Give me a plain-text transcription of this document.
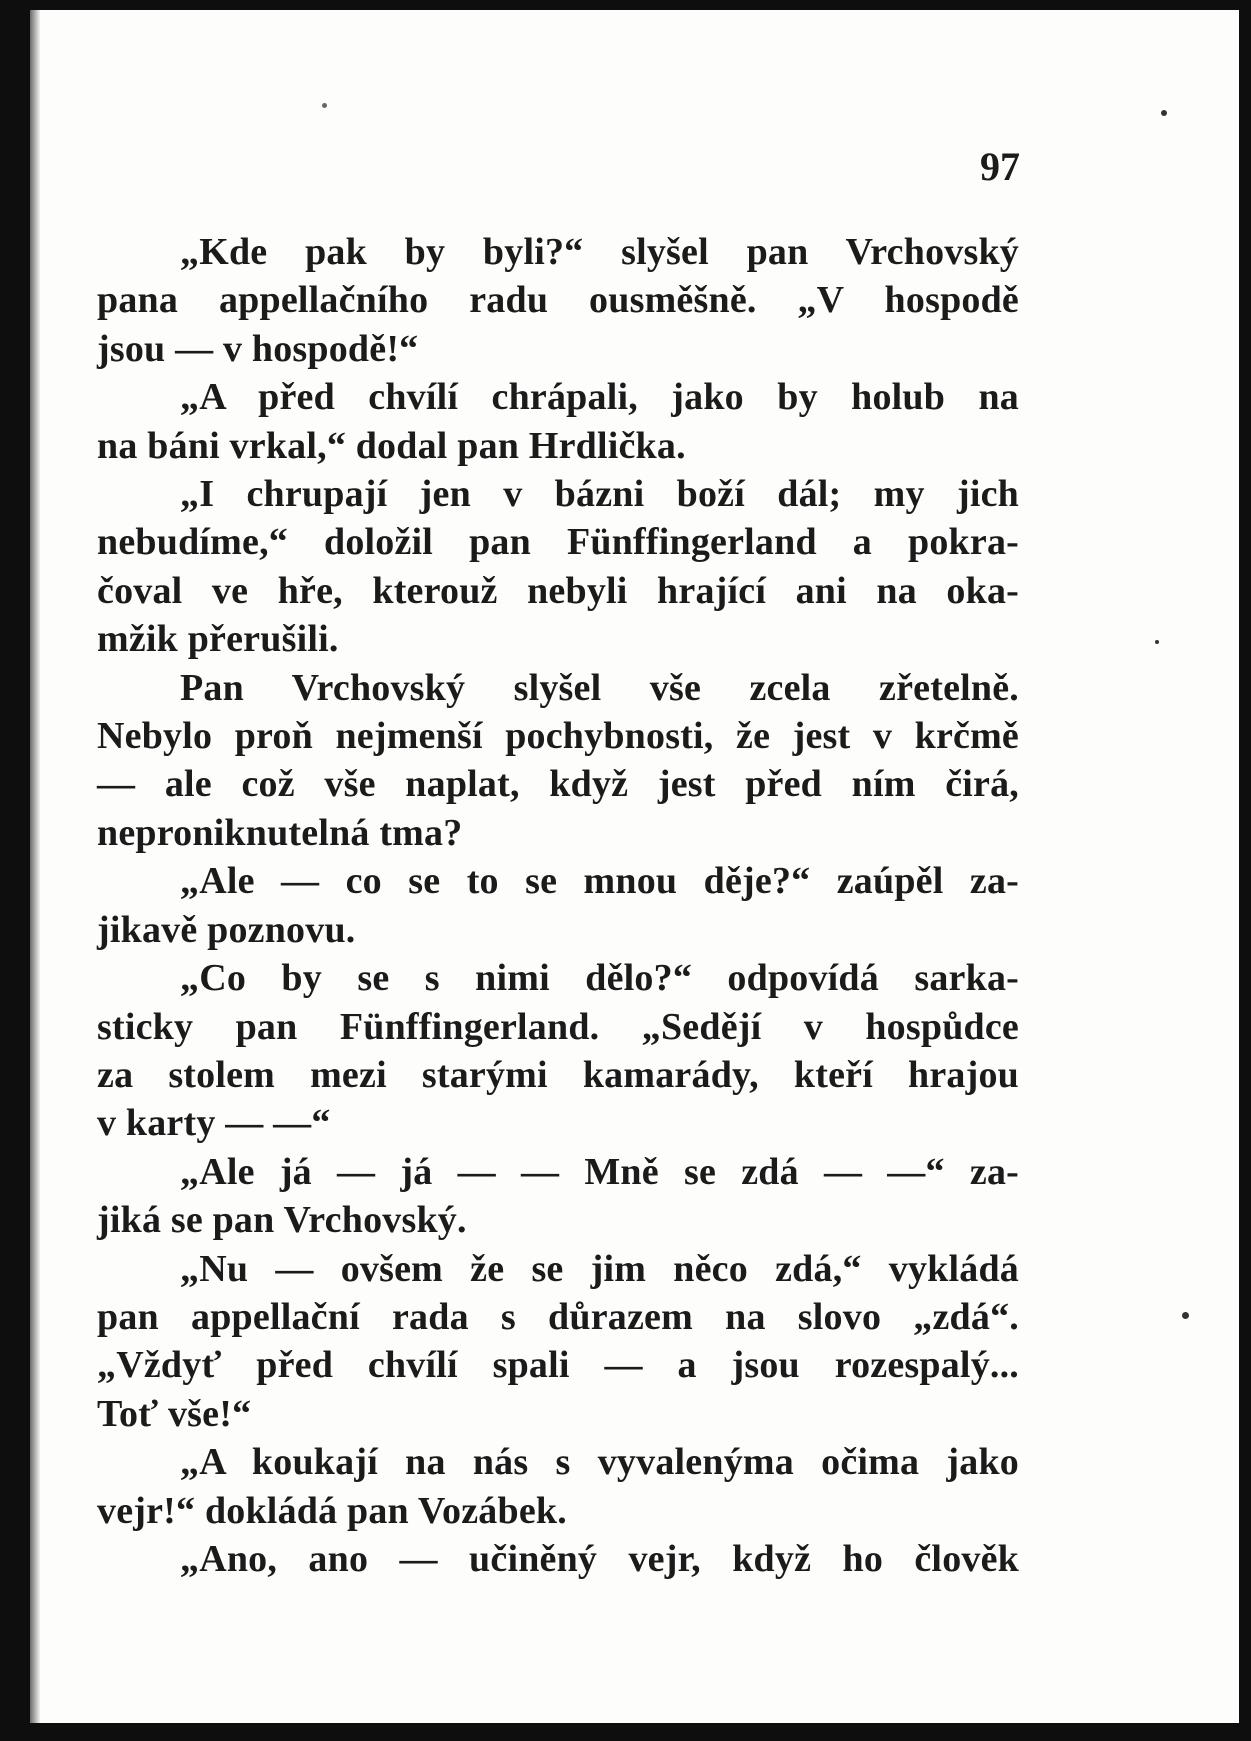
97

„Kde pak by byli?“ slyšel pan Vrchovský
pana appellačního radu ousměšně. „V hospodě
jsou — v hospodě!“
„A před chvílí chrápali, jako by holub na
na báni vrkal,“ dodal pan Hrdlička.
„I chrupají jen v bázni boží dál; my jich
nebudíme,“ doložil pan Fünffingerland a pokra-
čoval ve hře, kterouž nebyli hrající ani na oka-
mžik přerušili.
Pan Vrchovský slyšel vše zcela zřetelně.
Nebylo proň nejmenší pochybnosti, že jest v krčmě
— ale což vše naplat, když jest před ním čirá,
neproniknutelná tma?
„Ale — co se to se mnou děje?“ zaúpěl za-
jikavě poznovu.
„Co by se s nimi dělo?“ odpovídá sarka-
sticky pan Fünffingerland. „Sedějí v hospůdce
za stolem mezi starými kamarády, kteří hrajou
v karty — —“
„Ale já — já — — Mně se zdá — —“ za-
jiká se pan Vrchovský.
„Nu — ovšem že se jim něco zdá,“ vykládá
pan appellační rada s důrazem na slovo „zdá“.
„Vždyť před chvílí spali — a jsou rozespalý...
Toť vše!“
„A koukají na nás s vyvalenýma očima jako
vejr!“ dokládá pan Vozábek.
„Ano, ano — učiněný vejr, když ho člověk
